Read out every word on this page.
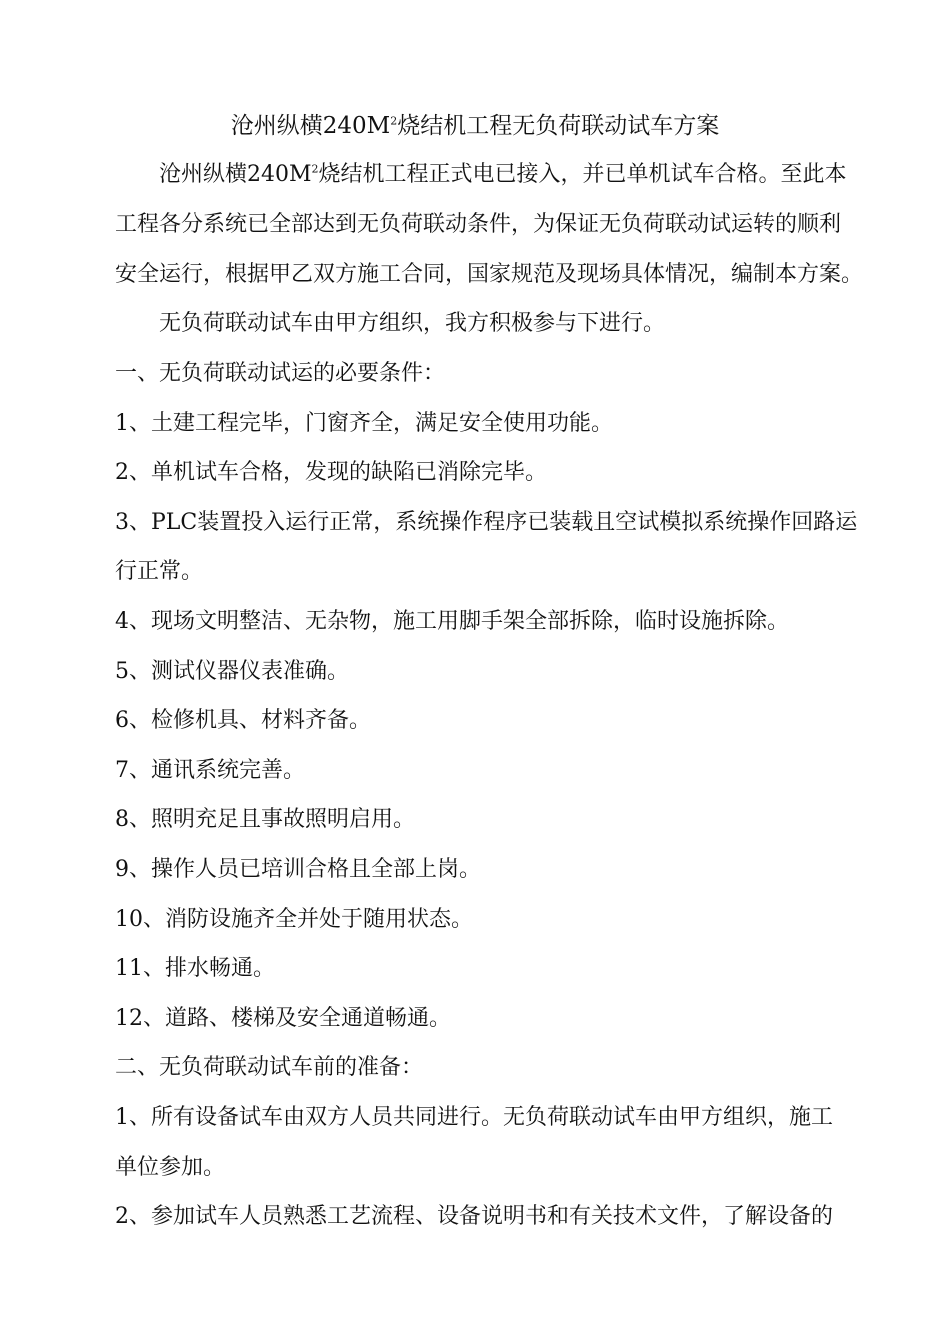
沧州纵横$240M^2$烧结机工程无负荷联动试车方案
沧州纵横$240M^2$烧结机工程正式电已接入，并已单机试车合格。至此本
工程各分系统已全部达到无负荷联动条件，为保证无负荷联动试运转的顺利
安全运行，根据甲乙双方施工合同，国家规范及现场具体情况，编制本方案。
无负荷联动试车由甲方组织，我方积极参与下进行。
一、无负荷联动试运的必要条件：
1、土建工程完毕，门窗齐全，满足安全使用功能。
2、单机试车合格，发现的缺陷已消除完毕。
3、PLC装置投入运行正常，系统操作程序已装载且空试模拟系统操作回路运
行正常。
4、现场文明整洁、无杂物，施工用脚手架全部拆除，临时设施拆除。
5、测试仪器仪表准确。
6、检修机具、材料齐备。
7、通讯系统完善。
8、照明充足且事故照明启用。
9、操作人员已培训合格且全部上岗。
10、消防设施齐全并处于随用状态。
11、排水畅通。
12、道路、楼梯及安全通道畅通。
二、无负荷联动试车前的准备：
1、所有设备试车由双方人员共同进行。无负荷联动试车由甲方组织，施工
单位参加。
2、参加试车人员熟悉工艺流程、设备说明书和有关技术文件，了解设备的
